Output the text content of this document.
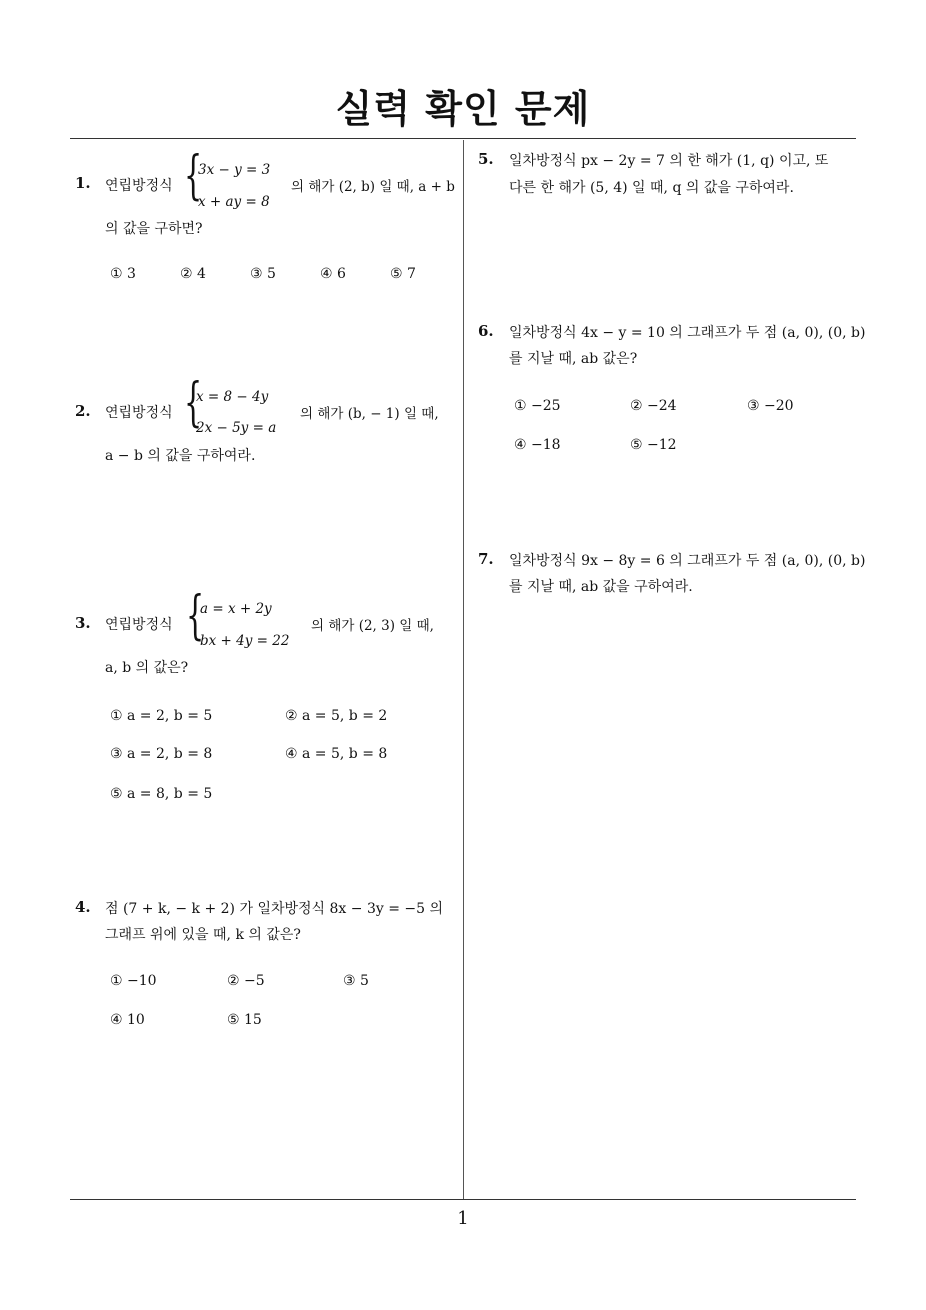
실력 확인 문제
1
1. 연립방정식 {
3x − y = 3
x + ay = 8
의 해가 (2, b) 일 때, a + b
의 값을 구하면?
① 3	② 4	③ 5	④ 6	⑤ 7
2. 연립방정식 {
x = 8 − 4y
2x − 5y = a
의 해가 (b, − 1) 일 때,
a − b 의 값을 구하여라.
3. 연립방정식 {
a = x + 2y
bx + 4y = 22
의 해가 (2, 3) 일 때,
a, b 의 값은?
① a = 2, b = 5	② a = 5, b = 2
③ a = 2, b = 8	④ a = 5, b = 8
⑤ a = 8, b = 5
4. 점 (7 + k, − k + 2) 가 일차방정식 8x − 3y = −5 의
그래프 위에 있을 때, k 의 값은?
① −10	② −5	③ 5
④ 10	⑤ 15
5. 일차방정식 px − 2y = 7 의 한 해가 (1, q) 이고, 또
다른 한 해가 (5, 4) 일 때, q 의 값을 구하여라.
6. 일차방정식 4x − y = 10 의 그래프가 두 점 (a, 0), (0, b)
를 지날 때, ab 값은?
① −25	② −24	③ −20
④ −18	⑤ −12
7. 일차방정식 9x − 8y = 6 의 그래프가 두 점 (a, 0), (0, b)
를 지날 때, ab 값을 구하여라.
